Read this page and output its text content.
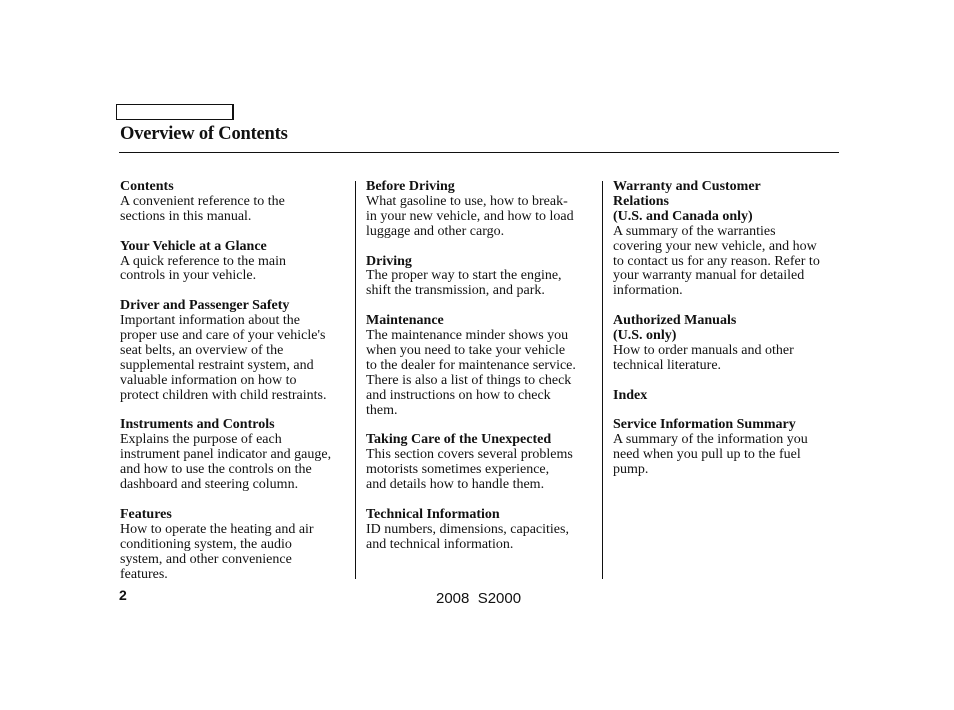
Overview of Contents
Contents
A convenient reference to the
sections in this manual.
Your Vehicle at a Glance
A quick reference to the main
controls in your vehicle.
Driver and Passenger Safety
Important information about the
proper use and care of your vehicle's
seat belts, an overview of the
supplemental restraint system, and
valuable information on how to
protect children with child restraints.
Instruments and Controls
Explains the purpose of each
instrument panel indicator and gauge,
and how to use the controls on the
dashboard and steering column.
Features
How to operate the heating and air
conditioning system, the audio
system, and other convenience
features.
Before Driving
What gasoline to use, how to break-
in your new vehicle, and how to load
luggage and other cargo.
Driving
The proper way to start the engine,
shift the transmission, and park.
Maintenance
The maintenance minder shows you
when you need to take your vehicle
to the dealer for maintenance service.
There is also a list of things to check
and instructions on how to check
them.
Taking Care of the Unexpected
This section covers several problems
motorists sometimes experience,
and details how to handle them.
Technical Information
ID numbers, dimensions, capacities,
and technical information.
Warranty and Customer
Relations
(U.S. and Canada only)
A summary of the warranties
covering your new vehicle, and how
to contact us for any reason. Refer to
your warranty manual for detailed
information.
Authorized Manuals
(U.S. only)
How to order manuals and other
technical literature.
Index
Service Information Summary
A summary of the information you
need when you pull up to the fuel
pump.
2	2008  S2000
